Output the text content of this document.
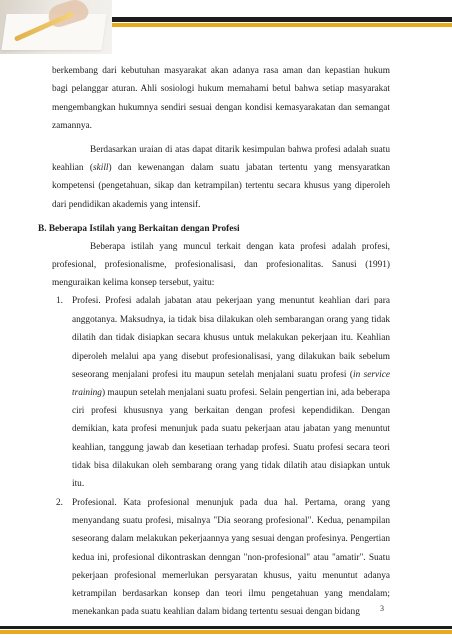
berkembang dari kebutuhan masyarakat akan adanya rasa aman dan kepastian hukum
bagi pelanggar aturan. Ahli sosiologi hukum memahami betul bahwa setiap masyarakat
mengembangkan hukumnya sendiri sesuai dengan kondisi kemasyarakatan dan semangat
zamannya.
Berdasarkan uraian di atas dapat ditarik kesimpulan bahwa profesi adalah suatu
keahlian (skill) dan kewenangan dalam suatu jabatan tertentu yang mensyaratkan
kompetensi (pengetahuan, sikap dan ketrampilan) tertentu secara khusus yang diperoleh
dari pendidikan akademis yang intensif.
B. Beberapa Istilah yang Berkaitan dengan Profesi
Beberapa istilah yang muncul terkait dengan kata profesi adalah profesi,
profesional, profesionalisme, profesionalisasi, dan profesionalitas. Sanusi (1991)
menguraikan kelima konsep tersebut, yaitu:
1. Profesi. Profesi adalah jabatan atau pekerjaan yang menuntut keahlian dari para
anggotanya. Maksudnya, ia tidak bisa dilakukan oleh sembarangan orang yang tidak
dilatih dan tidak disiapkan secara khusus untuk melakukan pekerjaan itu. Keahlian
diperoleh melalui apa yang disebut profesionalisasi, yang dilakukan baik sebelum
seseorang menjalani profesi itu maupun setelah menjalani suatu profesi (in service
training) maupun setelah menjalani suatu profesi. Selain pengertian ini, ada beberapa
ciri profesi khususnya yang berkaitan dengan profesi kependidikan. Dengan
demikian, kata profesi menunjuk pada suatu pekerjaan atau jabatan yang menuntut
keahlian, tanggung jawab dan kesetiaan terhadap profesi. Suatu profesi secara teori
tidak bisa dilakukan oleh sembarang orang yang tidak dilatih atau disiapkan untuk
itu.
2. Profesional. Kata profesional menunjuk pada dua hal. Pertama, orang yang
menyandang suatu profesi, misalnya "Dia seorang profesional". Kedua, penampilan
seseorang dalam melakukan pekerjaannya yang sesuai dengan profesinya. Pengertian
kedua ini, profesional dikontraskan denngan "non-profesional" atau "amatir". Suatu
pekerjaan profesional memerlukan persyaratan khusus, yaitu menuntut adanya
ketrampilan berdasarkan konsep dan teori ilmu pengetahuan yang mendalam;
menekankan pada suatu keahlian dalam bidang tertentu sesuai dengan bidang	3
